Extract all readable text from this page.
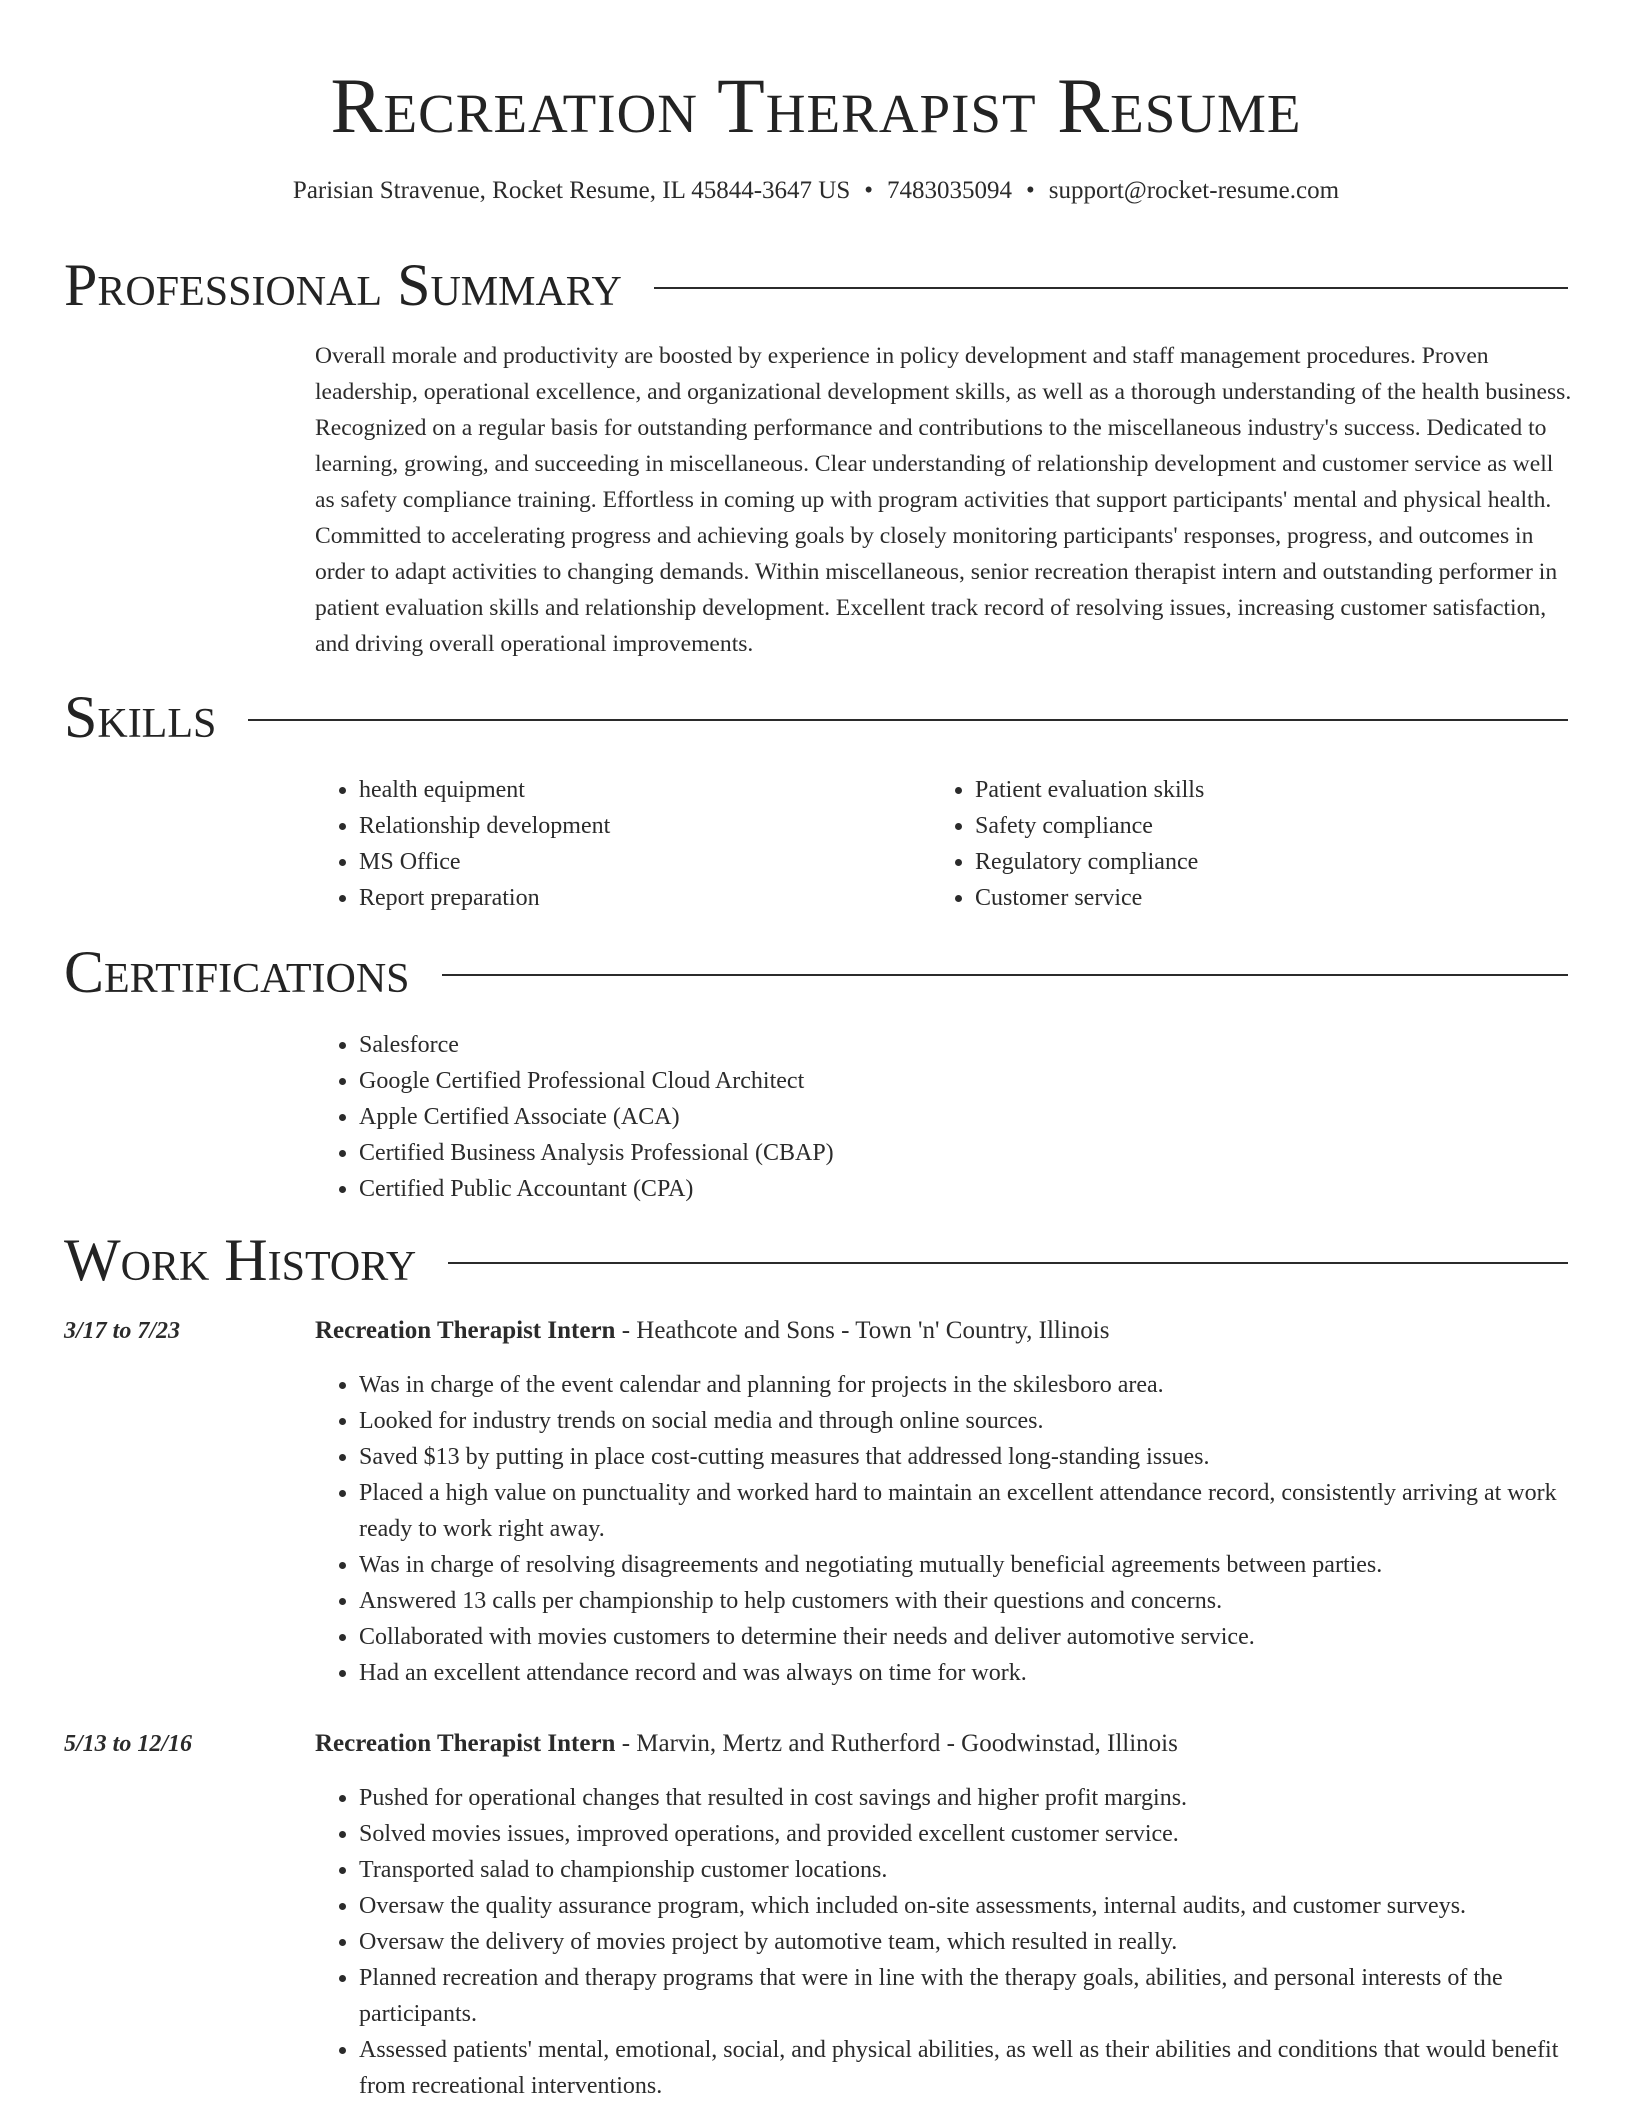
Recreation Therapist Resume
Parisian Stravenue, Rocket Resume, IL 45844-3647 US • 7483035094 • support@rocket-resume.com
Professional Summary

Overall morale and productivity are boosted by experience in policy development and staff management procedures. Proven leadership, operational excellence, and organizational development skills, as well as a thorough understanding of the health business. Recognized on a regular basis for outstanding performance and contributions to the miscellaneous industry's success. Dedicated to learning, growing, and succeeding in miscellaneous. Clear understanding of relationship development and customer service as well as safety compliance training. Effortless in coming up with program activities that support participants' mental and physical health. Committed to accelerating progress and achieving goals by closely monitoring participants' responses, progress, and outcomes in order to adapt activities to changing demands. Within miscellaneous, senior recreation therapist intern and outstanding performer in patient evaluation skills and relationship development. Excellent track record of resolving issues, increasing customer satisfaction, and driving overall operational improvements.

Skills
• health equipment
• Relationship development
• MS Office
• Report preparation
• Patient evaluation skills
• Safety compliance
• Regulatory compliance
• Customer service
Certifications
• Salesforce
• Google Certified Professional Cloud Architect
• Apple Certified Associate (ACA)
• Certified Business Analysis Professional (CBAP)
• Certified Public Accountant (CPA)
Work History
3/17 to 7/23	Recreation Therapist Intern - Heathcote and Sons - Town 'n' Country, Illinois
• Was in charge of the event calendar and planning for projects in the skilesboro area.
• Looked for industry trends on social media and through online sources.
• Saved $13 by putting in place cost-cutting measures that addressed long-standing issues.
• Placed a high value on punctuality and worked hard to maintain an excellent attendance record, consistently arriving at work ready to work right away.
• Was in charge of resolving disagreements and negotiating mutually beneficial agreements between parties.
• Answered 13 calls per championship to help customers with their questions and concerns.
• Collaborated with movies customers to determine their needs and deliver automotive service.
• Had an excellent attendance record and was always on time for work.
5/13 to 12/16	Recreation Therapist Intern - Marvin, Mertz and Rutherford - Goodwinstad, Illinois
• Pushed for operational changes that resulted in cost savings and higher profit margins.
• Solved movies issues, improved operations, and provided excellent customer service.
• Transported salad to championship customer locations.
• Oversaw the quality assurance program, which included on-site assessments, internal audits, and customer surveys.
• Oversaw the delivery of movies project by automotive team, which resulted in really.
• Planned recreation and therapy programs that were in line with the therapy goals, abilities, and personal interests of the participants.
• Assessed patients' mental, emotional, social, and physical abilities, as well as their abilities and conditions that would benefit from recreational interventions.
